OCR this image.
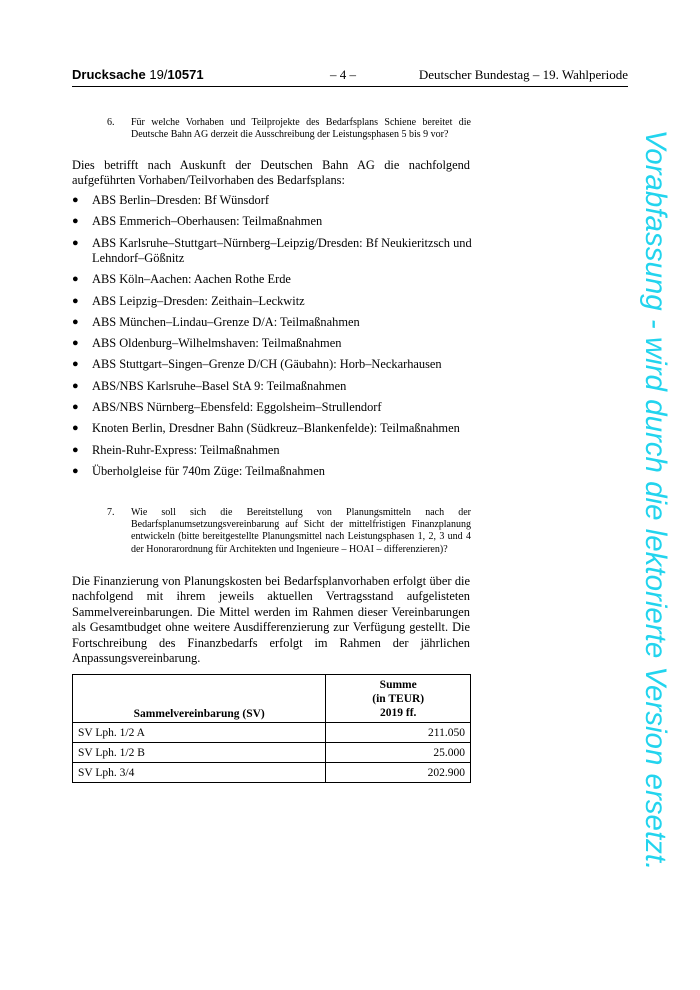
Drucksache 19/10571	– 4 –	Deutscher Bundestag – 19. Wahlperiode
6. Für welche Vorhaben und Teilprojekte des Bedarfsplans Schiene bereitet die Deutsche Bahn AG derzeit die Ausschreibung der Leistungsphasen 5 bis 9 vor?
Dies betrifft nach Auskunft der Deutschen Bahn AG die nachfolgend aufgeführten Vorhaben/Teilvorhaben des Bedarfsplans:
● ABS Berlin–Dresden: Bf Wünsdorf
● ABS Emmerich–Oberhausen: Teilmaßnahmen
● ABS Karlsruhe–Stuttgart–Nürnberg–Leipzig/Dresden: Bf Neukieritzsch und Lehndorf–Gößnitz
● ABS Köln–Aachen: Aachen Rothe Erde
● ABS Leipzig–Dresden: Zeithain–Leckwitz
● ABS München–Lindau–Grenze D/A: Teilmaßnahmen
● ABS Oldenburg–Wilhelmshaven: Teilmaßnahmen
● ABS Stuttgart–Singen–Grenze D/CH (Gäubahn): Horb–Neckarhausen
● ABS/NBS Karlsruhe–Basel StA 9: Teilmaßnahmen
● ABS/NBS Nürnberg–Ebensfeld: Eggolsheim–Strullendorf
● Knoten Berlin, Dresdner Bahn (Südkreuz–Blankenfelde): Teilmaßnahmen
● Rhein-Ruhr-Express: Teilmaßnahmen
● Überholgleise für 740m Züge: Teilmaßnahmen
7. Wie soll sich die Bereitstellung von Planungsmitteln nach der Bedarfsplanumsetzungsvereinbarung auf Sicht der mittelfristigen Finanzplanung entwickeln (bitte bereitgestellte Planungsmittel nach Leistungsphasen 1, 2, 3 und 4 der Honorarordnung für Architekten und Ingenieure – HOAI – differenzieren)?
Die Finanzierung von Planungskosten bei Bedarfsplanvorhaben erfolgt über die nachfolgend mit ihrem jeweils aktuellen Vertragsstand aufgelisteten Sammelvereinbarungen. Die Mittel werden im Rahmen dieser Vereinbarungen als Gesamtbudget ohne weitere Ausdifferenzierung zur Verfügung gestellt. Die Fortschreibung des Finanzbedarfs erfolgt im Rahmen der jährlichen Anpassungsvereinbarung.
Sammelvereinbarung (SV)	Summe
(in TEUR)
2019 ff.
SV Lph. 1/2 A	211.050
SV Lph. 1/2 B	25.000
SV Lph. 3/4	202.900	Vorabfassung - wird durch die lektorierte Version ersetzt.
